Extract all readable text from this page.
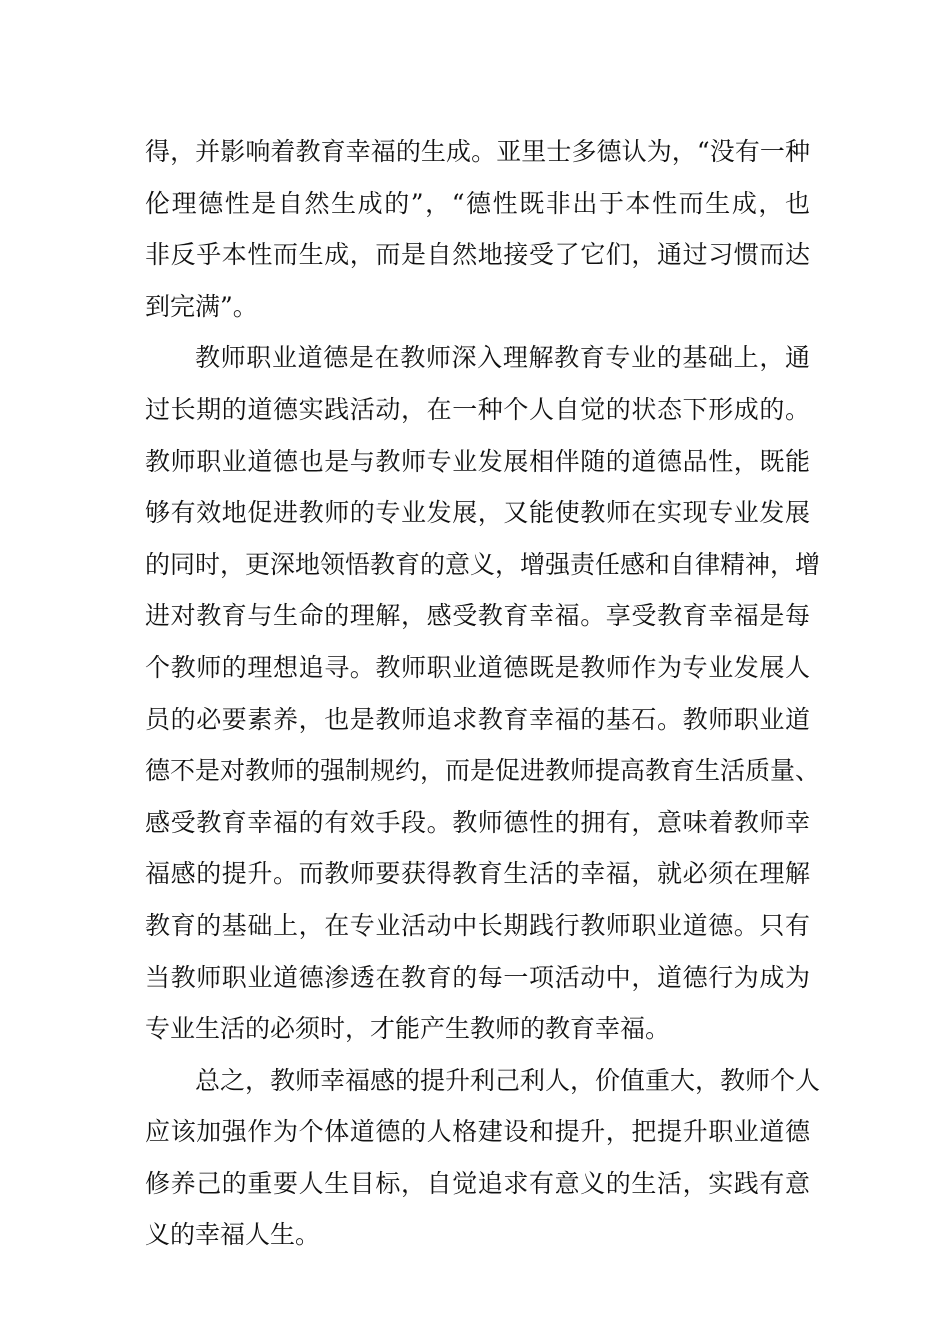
得，并影响着教育幸福的生成。亚里士多德认为，“没有一种
伦理德性是自然生成的”，“德性既非出于本性而生成，也
非反乎本性而生成，而是自然地接受了它们，通过习惯而达
到完满”。
教师职业道德是在教师深入理解教育专业的基础上，通
过长期的道德实践活动，在一种个人自觉的状态下形成的。
教师职业道德也是与教师专业发展相伴随的道德品性，既能
够有效地促进教师的专业发展，又能使教师在实现专业发展
的同时，更深地领悟教育的意义，增强责任感和自律精神，增
进对教育与生命的理解，感受教育幸福。享受教育幸福是每
个教师的理想追寻。教师职业道德既是教师作为专业发展人
员的必要素养，也是教师追求教育幸福的基石。教师职业道
德不是对教师的强制规约，而是促进教师提高教育生活质量、
感受教育幸福的有效手段。教师德性的拥有，意味着教师幸
福感的提升。而教师要获得教育生活的幸福，就必须在理解
教育的基础上，在专业活动中长期践行教师职业道德。只有
当教师职业道德渗透在教育的每一项活动中，道德行为成为
专业生活的必须时，才能产生教师的教育幸福。
总之，教师幸福感的提升利己利人，价值重大，教师个人
应该加强作为个体道德的人格建设和提升，把提升职业道德
修养己的重要人生目标，自觉追求有意义的生活，实践有意
义的幸福人生。
